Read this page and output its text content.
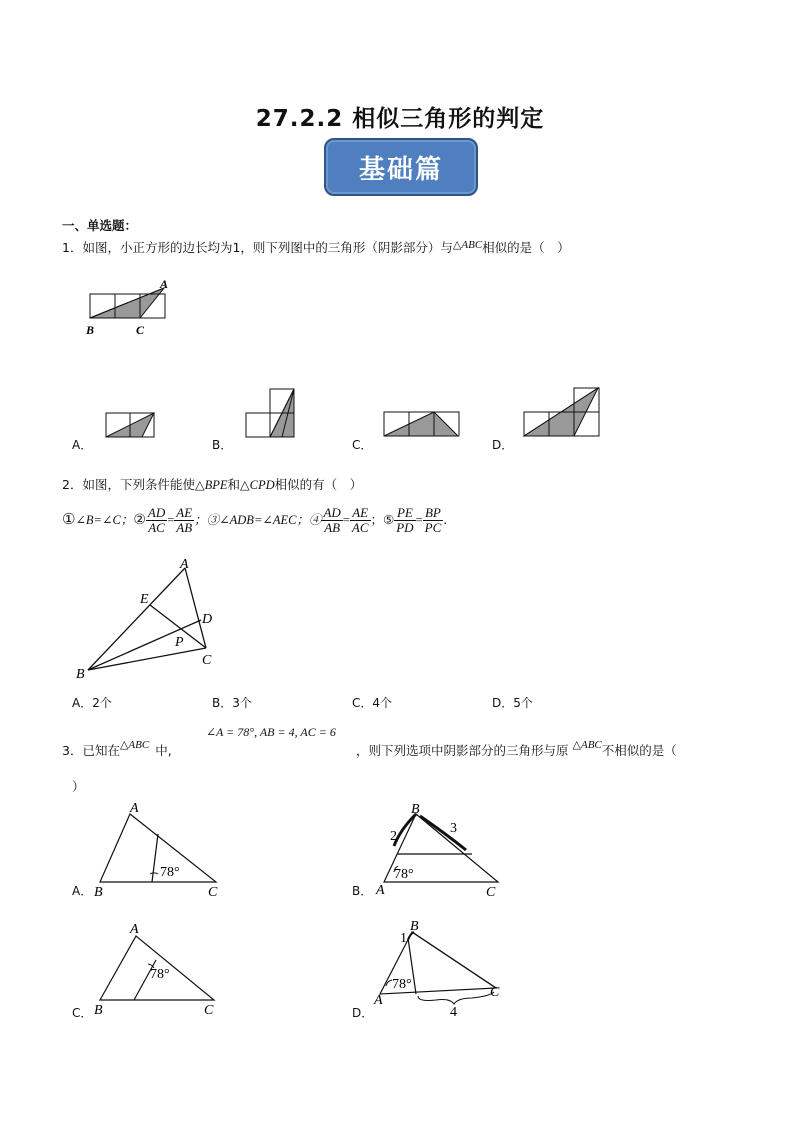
27.2.2 相似三角形的判定
基础篇
一、单选题：
1．如图，小正方形的边长均为1，则下列图中的三角形（阴影部分）与△ABC相似的是（　）
A
B	C
A．	B．	C．	D．
2．如图，下列条件能使△BPE和△CPD相似的有（　）
①∠B=∠C；② $\frac{AD}{AC} = \frac{AE}{AB}$ ；③∠ADB=∠AEC；④ $\frac{AD}{AB} = \frac{AE}{AC}$ ；⑤ $\frac{PE}{PD} = \frac{BP}{PC}$ .
A
E
D
P
B
C
A．2个	B．3个	C．4个	D．5个
3．已知在△ABC 中,
∠A = 78°, AB = 4, AC = 6
，则下列选项中阴影部分的三角形与原 △ABC不相似的是（
）
A．
A
B	C
78°
B．
B
A	C
78°
2
3
C．
A
B	C
78°
D．
B
A
C
78°
1
4
